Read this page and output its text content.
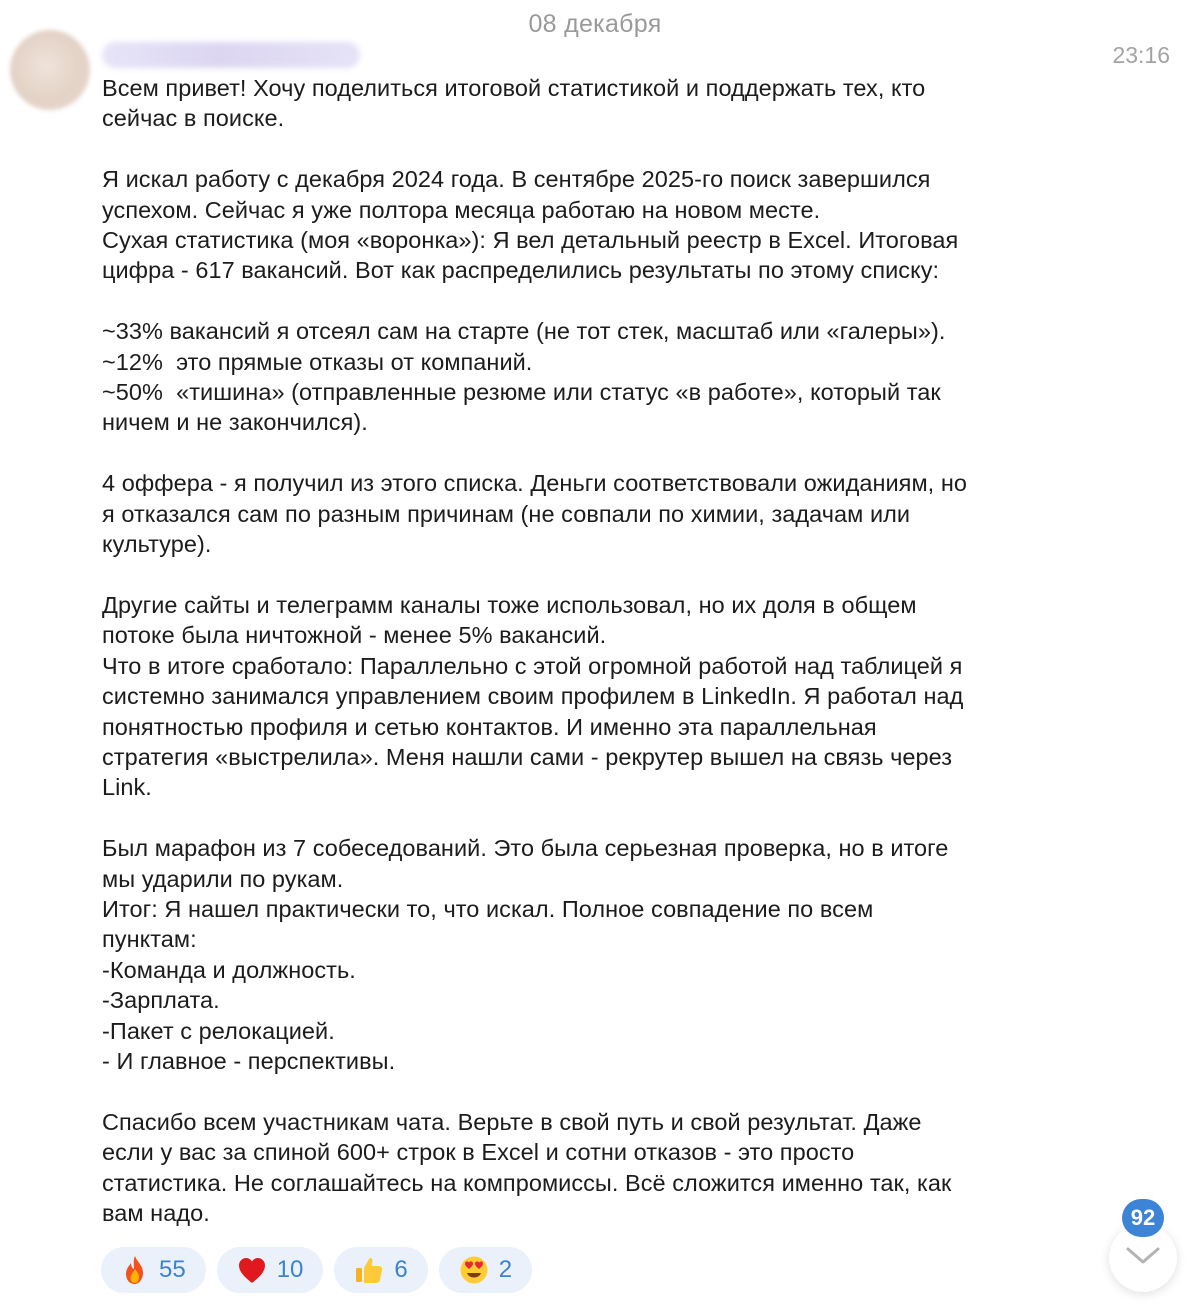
08 декабря
23:16

Всем привет! Хочу поделиться итоговой статистикой и поддержать тех, кто
сейчас в поиске.

Я искал работу с декабря 2024 года. В сентябре 2025-го поиск завершился
успехом. Сейчас я уже полтора месяца работаю на новом месте.
Сухая статистика (моя «воронка»): Я вел детальный реестр в Excel. Итоговая
цифра - 617 вакансий. Вот как распределились результаты по этому списку:

~33% вакансий я отсеял сам на старте (не тот стек, масштаб или «галеры»).
~12%  это прямые отказы от компаний.
~50%  «тишина» (отправленные резюме или статус «в работе», который так
ничем и не закончился).

4 оффера - я получил из этого списка. Деньги соответствовали ожиданиям, но
я отказался сам по разным причинам (не совпали по химии, задачам или
культуре).

Другие сайты и телеграмм каналы тоже использовал, но их доля в общем
потоке была ничтожной - менее 5% вакансий.
Что в итоге сработало: Параллельно с этой огромной работой над таблицей я
системно занимался управлением своим профилем в LinkedIn. Я работал над
понятностью профиля и сетью контактов. И именно эта параллельная
стратегия «выстрелила». Меня нашли сами - рекрутер вышел на связь через
Link.

Был марафон из 7 собеседований. Это была серьезная проверка, но в итоге
мы ударили по рукам.
Итог: Я нашел практически то, что искал. Полное совпадение по всем
пунктам:
-Команда и должность.
-Зарплата.
-Пакет с релокацией.
- И главное - перспективы.

Спасибо всем участникам чата. Верьте в свой путь и свой результат. Даже
если у вас за спиной 600+ строк в Excel и сотни отказов - это просто
статистика. Не соглашайтесь на компромиссы. Всё сложится именно так, как
вам надо.

55	10	6	2
92
